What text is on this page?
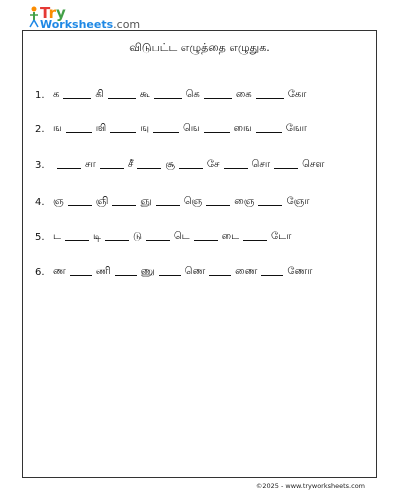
Try
Worksheets.com
விடுபட்ட எழுத்தை எழுதுக.
1. க	கி	கூ	கெ	கை	கோ
2. ங	ஙி	ஙு	ஙெ	ஙை	ஙோ
3.	சா	சீ	சூ	சே	சொ	சௌ
4. ஞ	ஞி	ஞு	ஞெ	ஞை	ஞோ
5. ட	டி	டு	டெ	டை	டோ
6. ண	ணி	ணு	ணெ	ணை	ணோ
©2025 - www.tryworksheets.com
